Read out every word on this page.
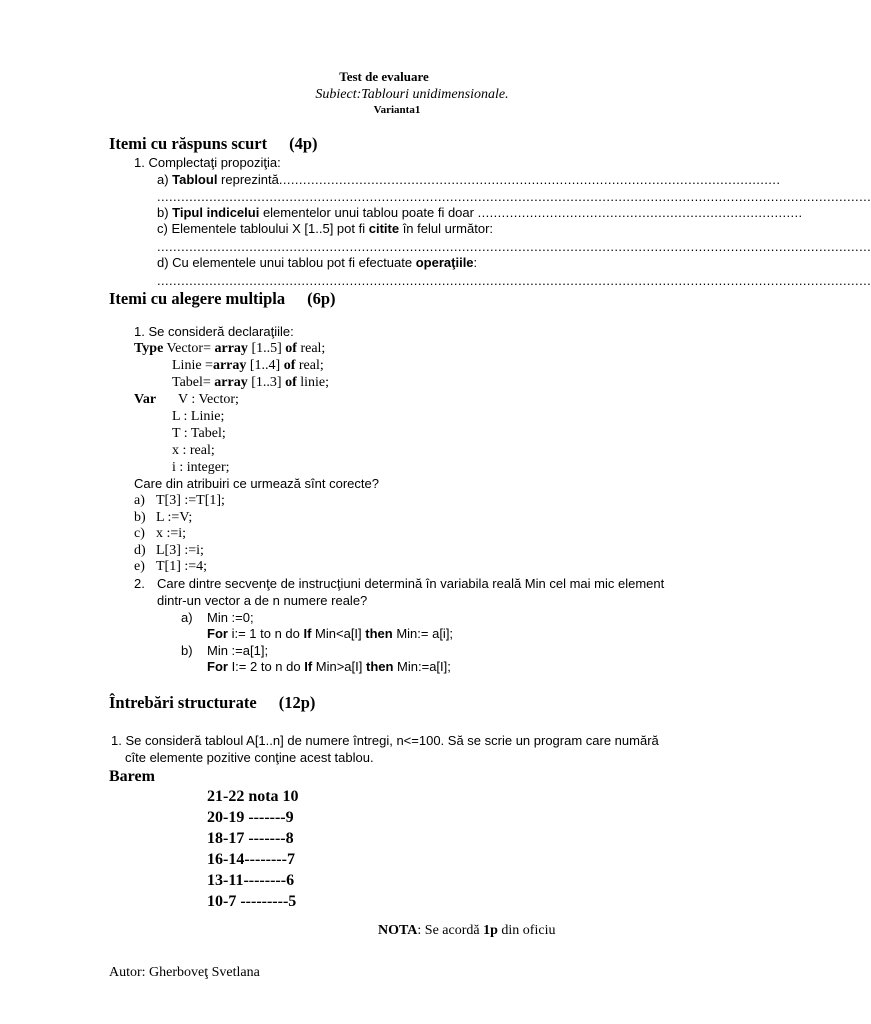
Test de evaluare
Subiect:Tablouri unidimensionale.
Varianta1
Itemi cu răspuns scurt (4p)
1. Complectaţi propoziţia:
a) Tabloul reprezintă.............................................................................................................................
..................................................................................................................................................................................
b) Tipul indicelui elementelor unui tablou poate fi doar .................................................................................
c) Elementele tabloului X [1..5] pot fi citite în felul următor:
..................................................................................................................................................................................
d) Cu elementele unui tablou pot fi efectuate operaţiile:
..................................................................................................................................................................................
Itemi cu alegere multipla (6p)
1. Se consideră declaraţiile:
Type Vector= array [1..5] of real;
Linie =array [1..4] of real;
Tabel= array [1..3] of linie;
Var V : Vector;
L : Linie;
T : Tabel;
x : real;
i : integer;
Care din atribuiri ce urmează sînt corecte?
a) T[3] :=T[1];
b) L :=V;
c) x :=i;
d) L[3] :=i;
e) T[1] :=4;
2. Care dintre secvenţe de instrucţiuni determină în variabila reală Min cel mai mic element
dintr-un vector a de n numere reale?
a) Min :=0;
For i:= 1 to n do If Min<a[I] then Min:= a[i];
b) Min :=a[1];
For I:= 2 to n do If Min>a[I] then Min:=a[I];
Întrebări structurate (12p)
1. Se consideră tabloul A[1..n] de numere întregi, n<=100. Să se scrie un program care numără
cîte elemente pozitive conţine acest tablou.
Barem
21-22 nota 10
20-19 -------9
18-17 -------8
16-14--------7
13-11--------6
10-7 ---------5
NOTA: Se acordă 1p din oficiu
Autor: Gherboveţ Svetlana
